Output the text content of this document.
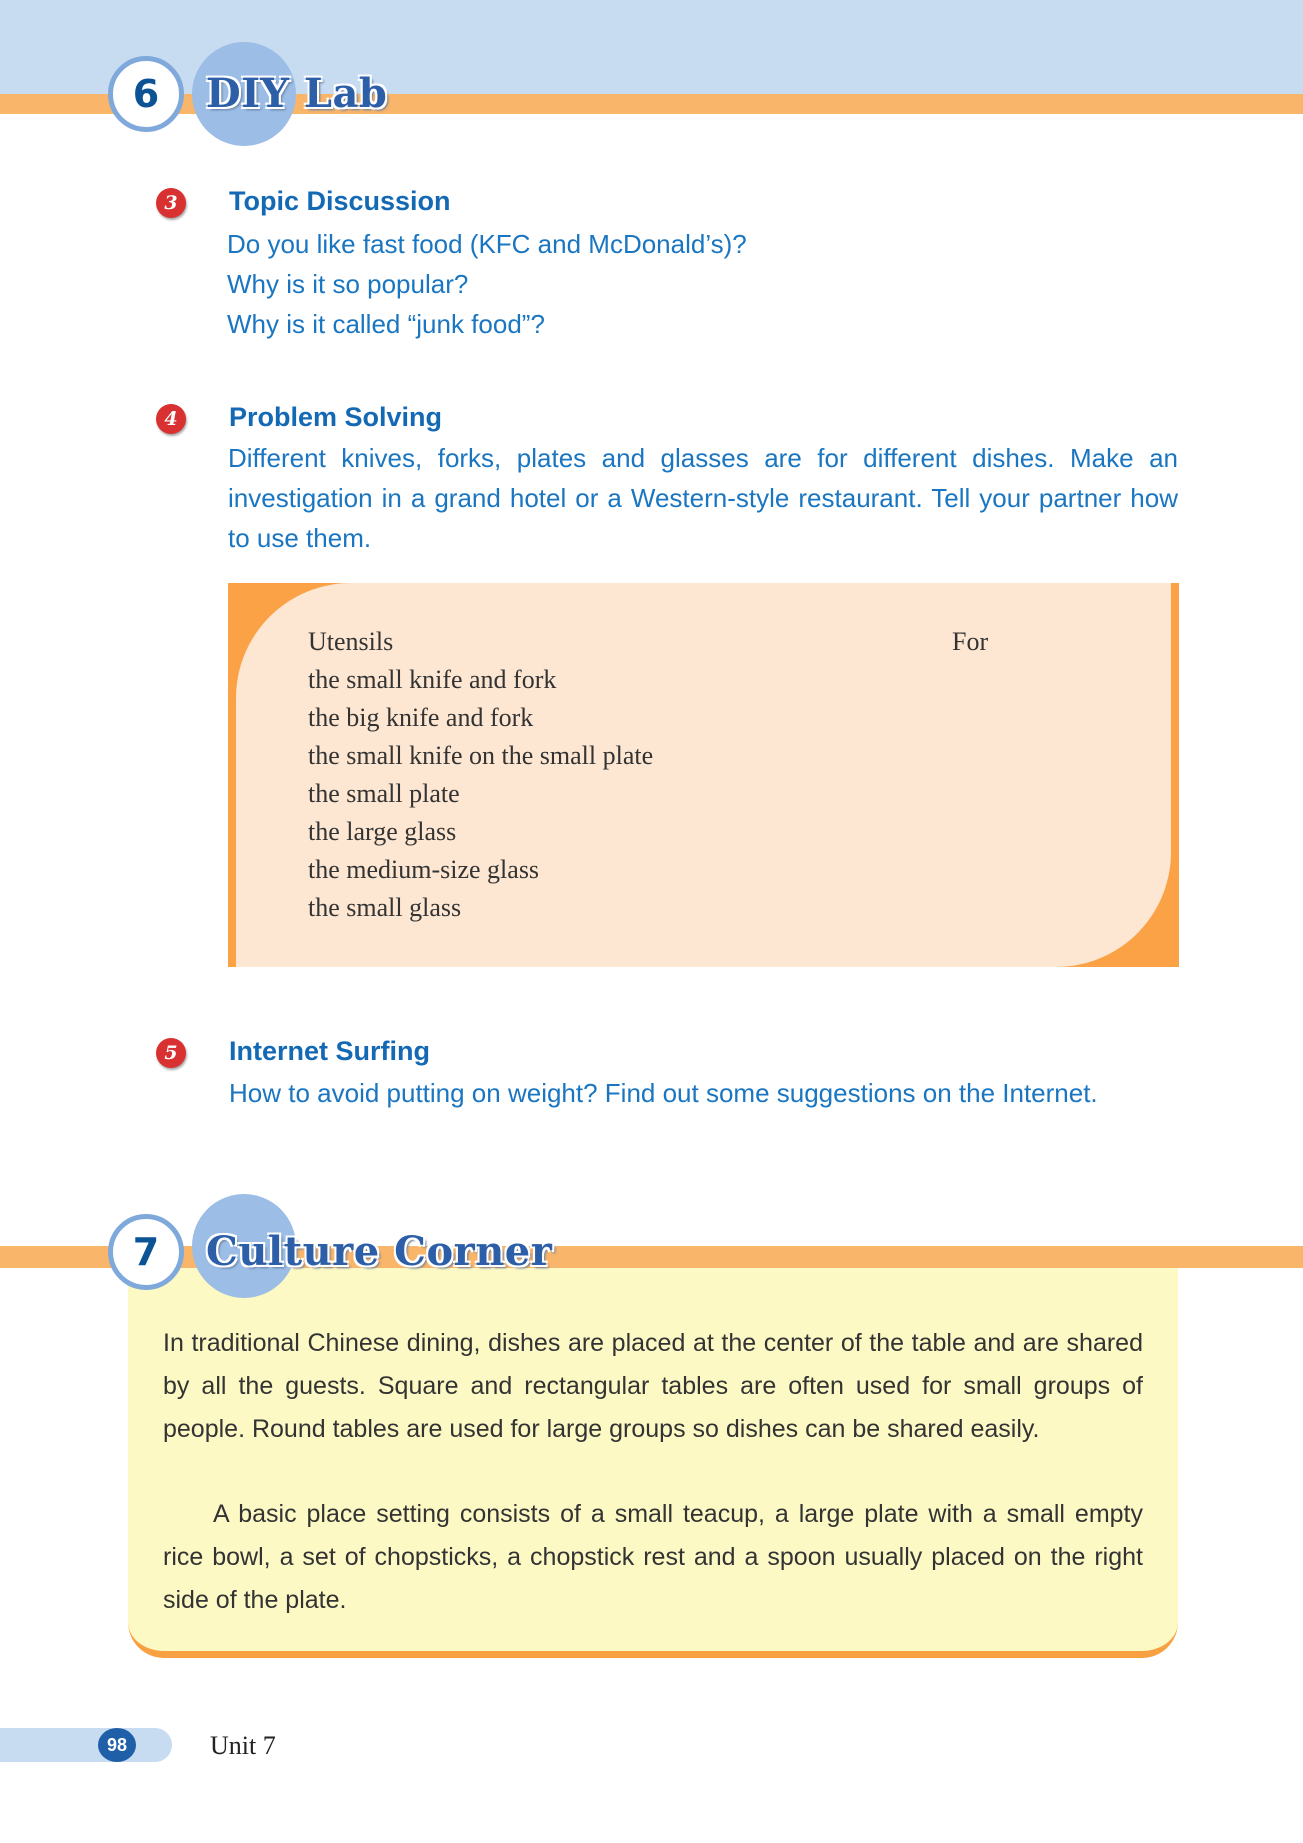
6	DIY Lab
3	Topic Discussion
Do you like fast food (KFC and McDonald’s)?
Why is it so popular?
Why is it called “junk food”?
4	Problem Solving
Different knives, forks, plates and glasses are for different dishes. Make an investigation in a grand hotel or a Western-style restaurant. Tell your partner how to use them.
Utensils	For
the small knife and fork
the big knife and fork
the small knife on the small plate
the small plate
the large glass
the medium-size glass
the small glass
5	Internet Surfing
How to avoid putting on weight? Find out some suggestions on the Internet.
7	Culture Corner

In traditional Chinese dining, dishes are placed at the center of the table and are shared by all the guests. Square and rectangular tables are often used for small groups of people. Round tables are used for large groups so dishes can be shared easily.

A basic place setting consists of a small teacup, a large plate with a small empty rice bowl, a set of chopsticks, a chopstick rest and a spoon usually placed on the right side of the plate.

98	Unit 7
